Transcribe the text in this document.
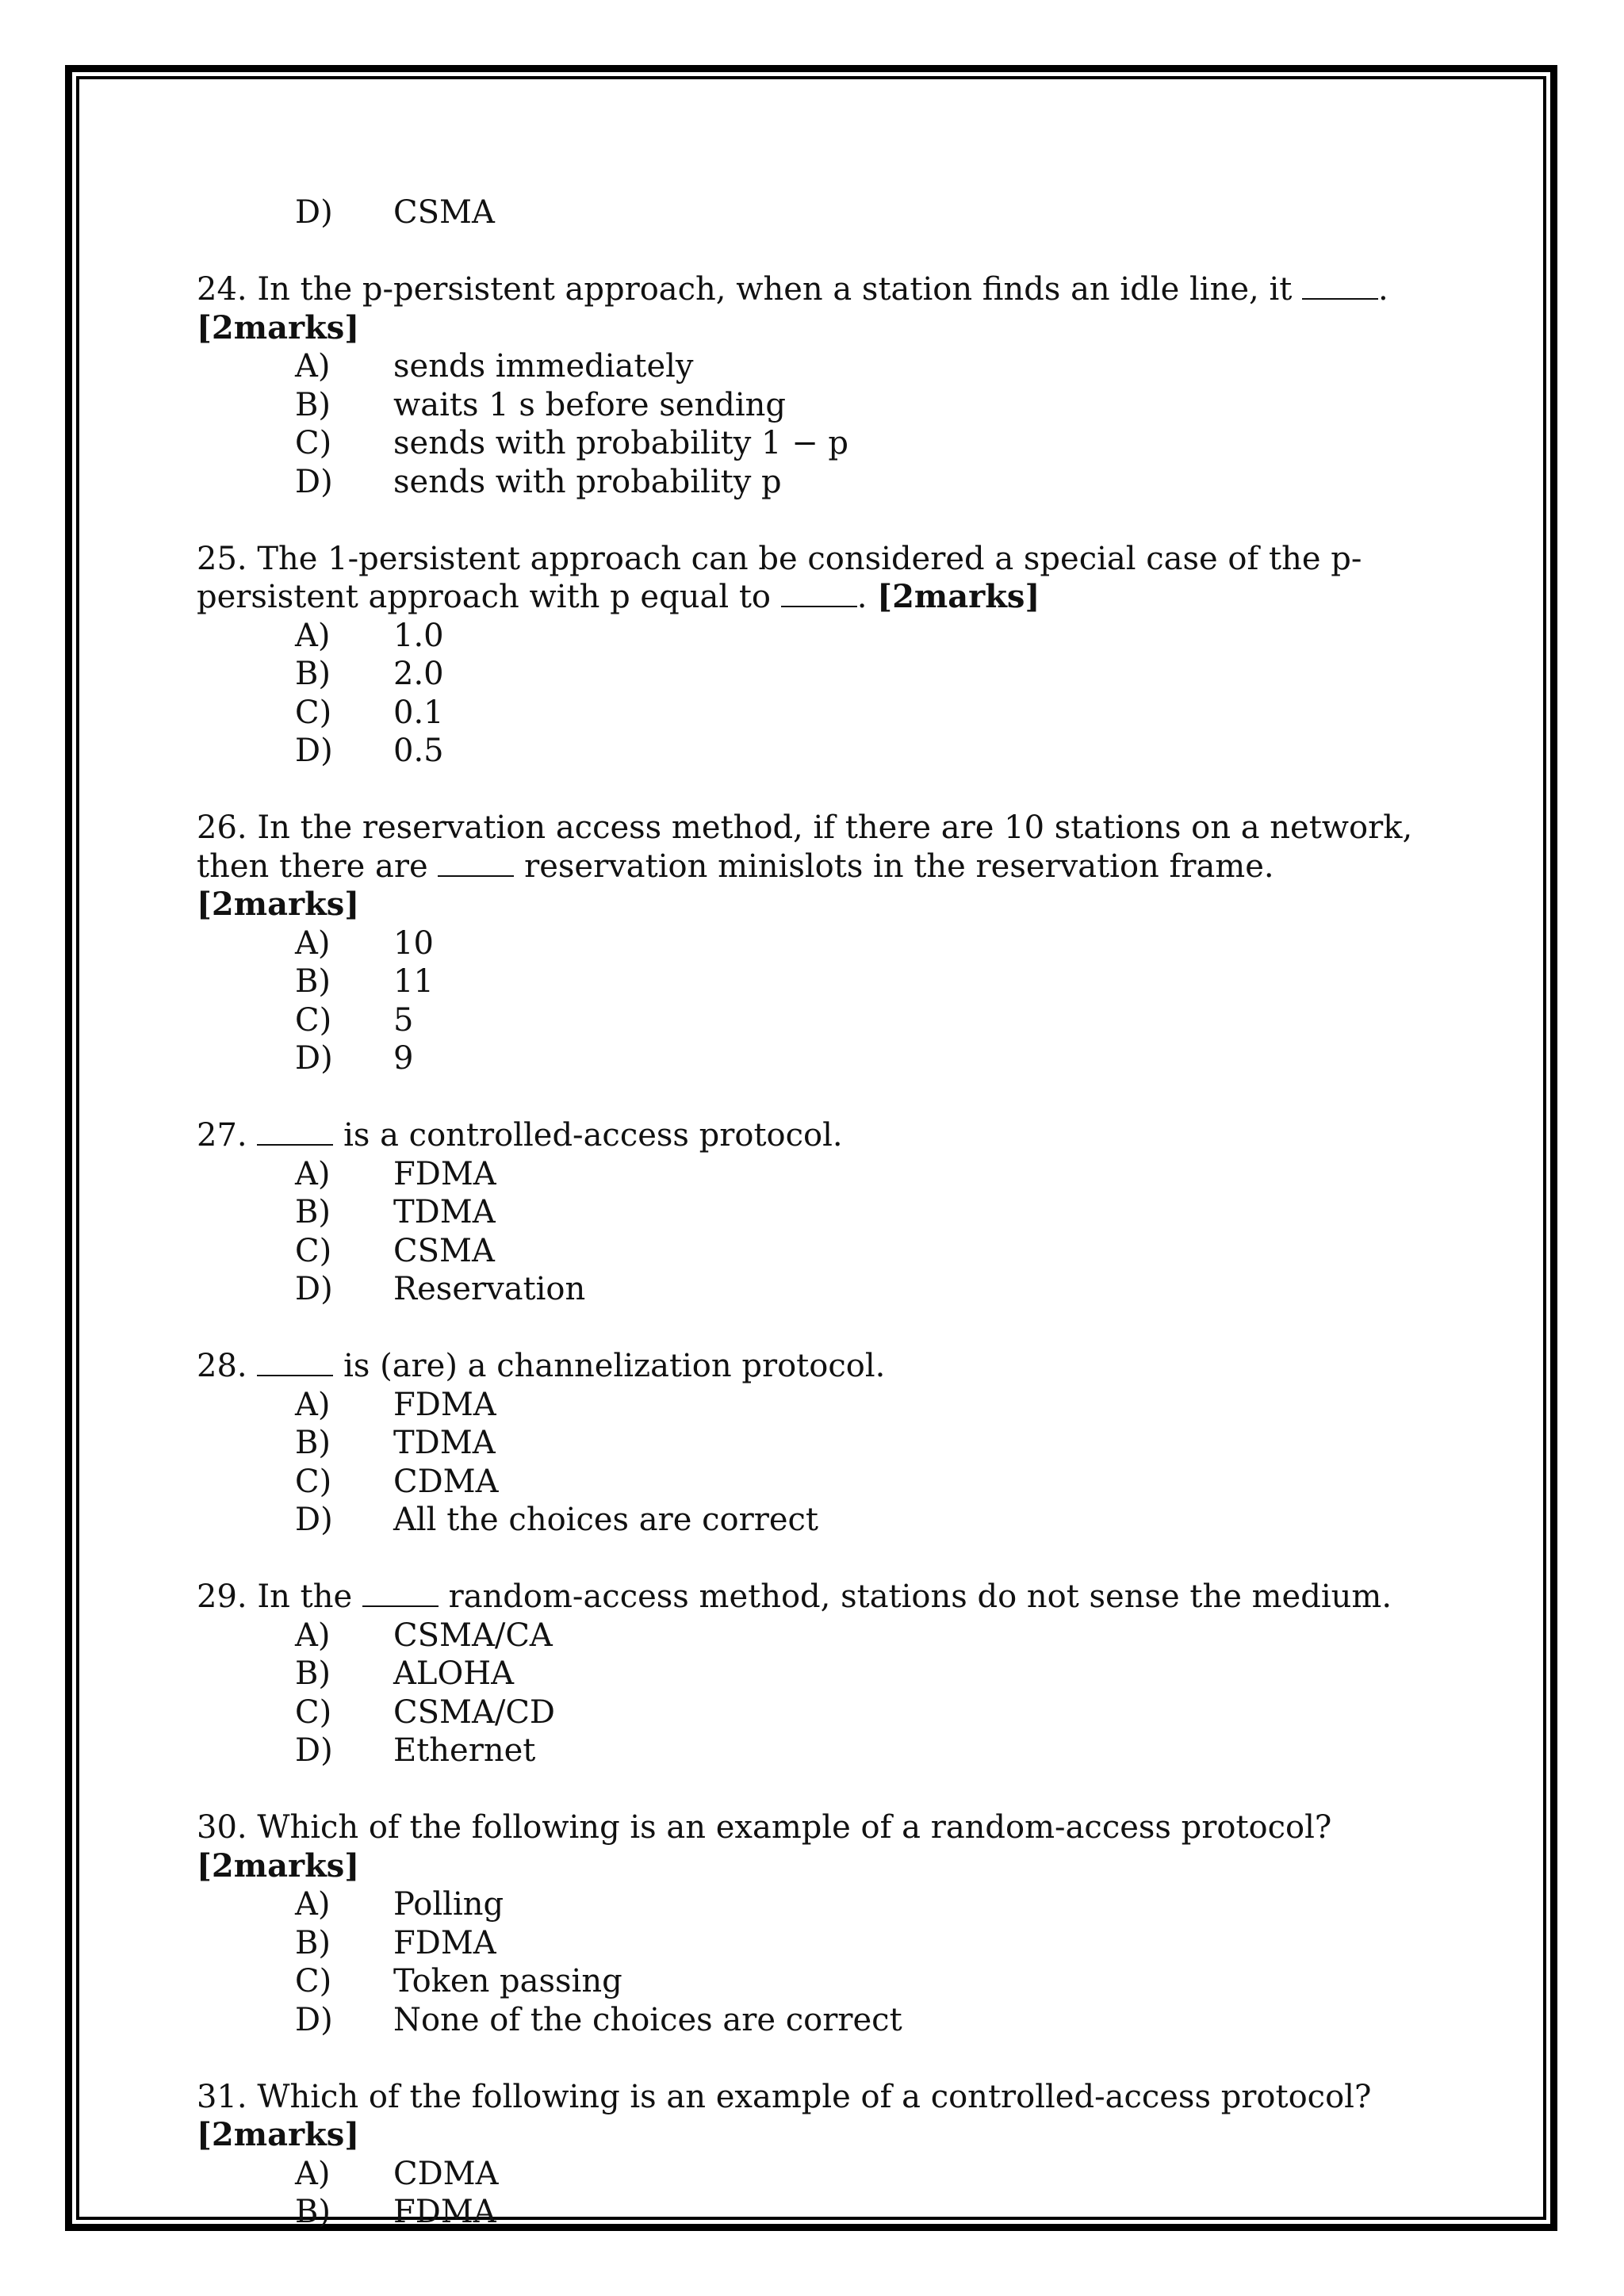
D) CSMA

24. In the p-persistent approach, when a station finds an idle line, it	. [2marks]

A) sends immediately
B) waits 1 s before sending
C) sends with probability 1 − p
D) sends with probability p

25. The 1-persistent approach can be considered a special case of the p-persistent approach with p equal to	. [2marks]

A) 1.0
B) 2.0
C) 0.1
D) 0.5

26. In the reservation access method, if there are 10 stations on a network, then there are	reservation minislots in the reservation frame. [2marks]

A) 10
B) 11
C) 5
D) 9

27.	is a controlled-access protocol.

A) FDMA
B) TDMA
C) CSMA
D) Reservation

28.	is (are) a channelization protocol.

A) FDMA
B) TDMA
C) CDMA
D) All the choices are correct

29. In the	random-access method, stations do not sense the medium.

A) CSMA/CA
B) ALOHA
C) CSMA/CD
D) Ethernet

30. Which of the following is an example of a random-access protocol? [2marks]

A) Polling
B) FDMA
C) Token passing
D) None of the choices are correct

31. Which of the following is an example of a controlled-access protocol? [2marks]

A) CDMA
B) FDMA
